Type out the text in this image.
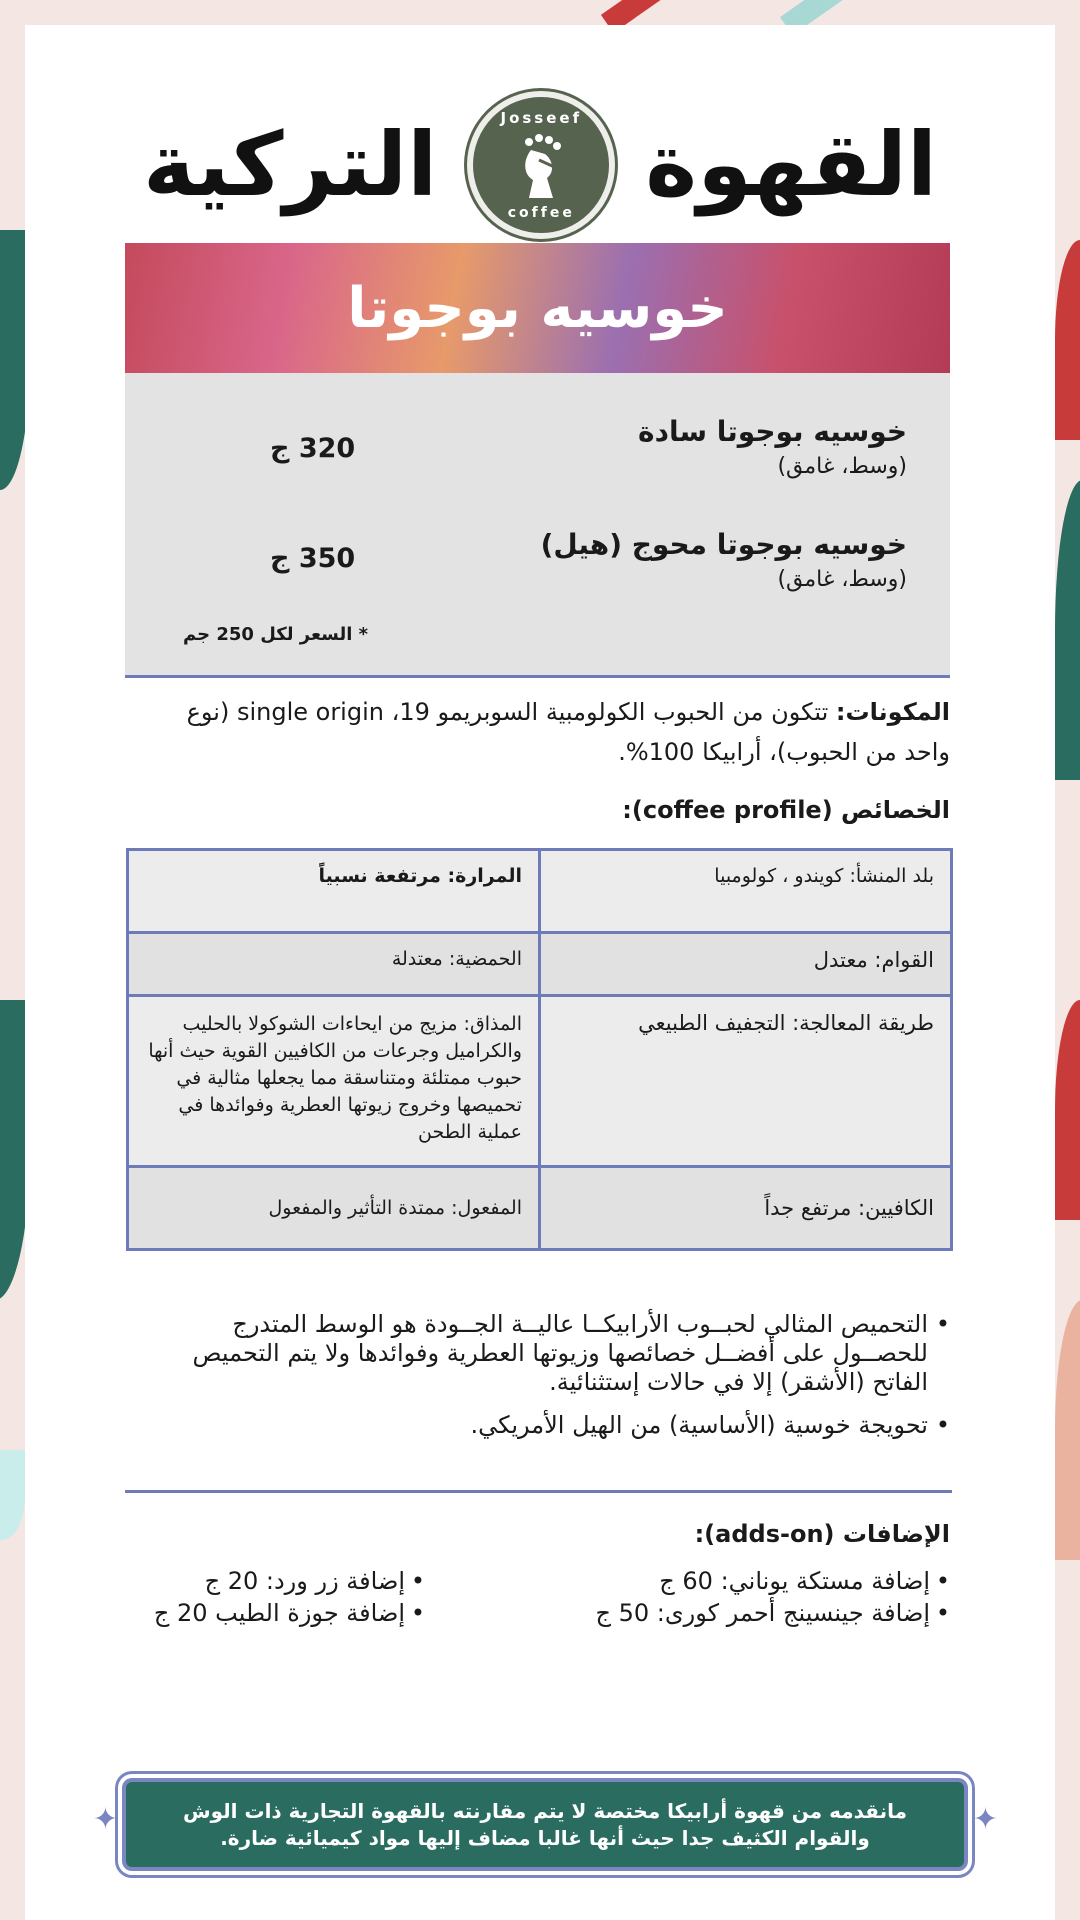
القهوة
Josseef
coffee
التركية
خوسيه بوجوتا
خوسيه بوجوتا سادة
(وسط، غامق)
320 ج
خوسيه بوجوتا محوج (هيل)
(وسط، غامق)
350 ج
* السعر لكل 250 جم
المكونات: تتكون من الحبوب الكولومبية السوبريمو 19، single origin (نوع واحد من الحبوب)، أرابيكا 100%.
الخصائص (coffee profile):
بلد المنشأ: كويندو ، كولومبيا	المرارة: مرتفعة نسبياً
القوام: معتدل	الحمضية: معتدلة
طريقة المعالجة: التجفيف الطبيعي	المذاق: مزيج من ايحاءات الشوكولا بالحليب والكراميل وجرعات من الكافيين القوية حيث أنها حبوب ممتلئة ومتناسقة مما يجعلها مثالية في تحميصها وخروج زيوتها العطرية وفوائدها في عملية الطحن
الكافيين: مرتفع جداً	المفعول: ممتدة التأثير والمفعول
• التحميص المثالي لحبــوب الأرابيكــا عاليــة الجــودة هو الوسط المتدرج للحصــول على أفضــل خصائصها وزيوتها العطرية وفوائدها ولا يتم التحميص الفاتح (الأشقر) إلا في حالات إستثنائية.
• تحويجة خوسية (الأساسية) من الهيل الأمريكي.
الإضافات (adds-on):
• إضافة مستكة يوناني: 60 ج
• إضافة جينسينج أحمر كورى: 50 ج
• إضافة زر ورد: 20 ج
• إضافة جوزة الطيب 20 ج
✦	مانقدمه من قهوة أرابيكا مختصة لا يتم مقارنته بالقهوة التجارية ذات الوش
والقوام الكثيف جدا حيث أنها غالبا مضاف إليها مواد كيميائية ضارة.
✦
